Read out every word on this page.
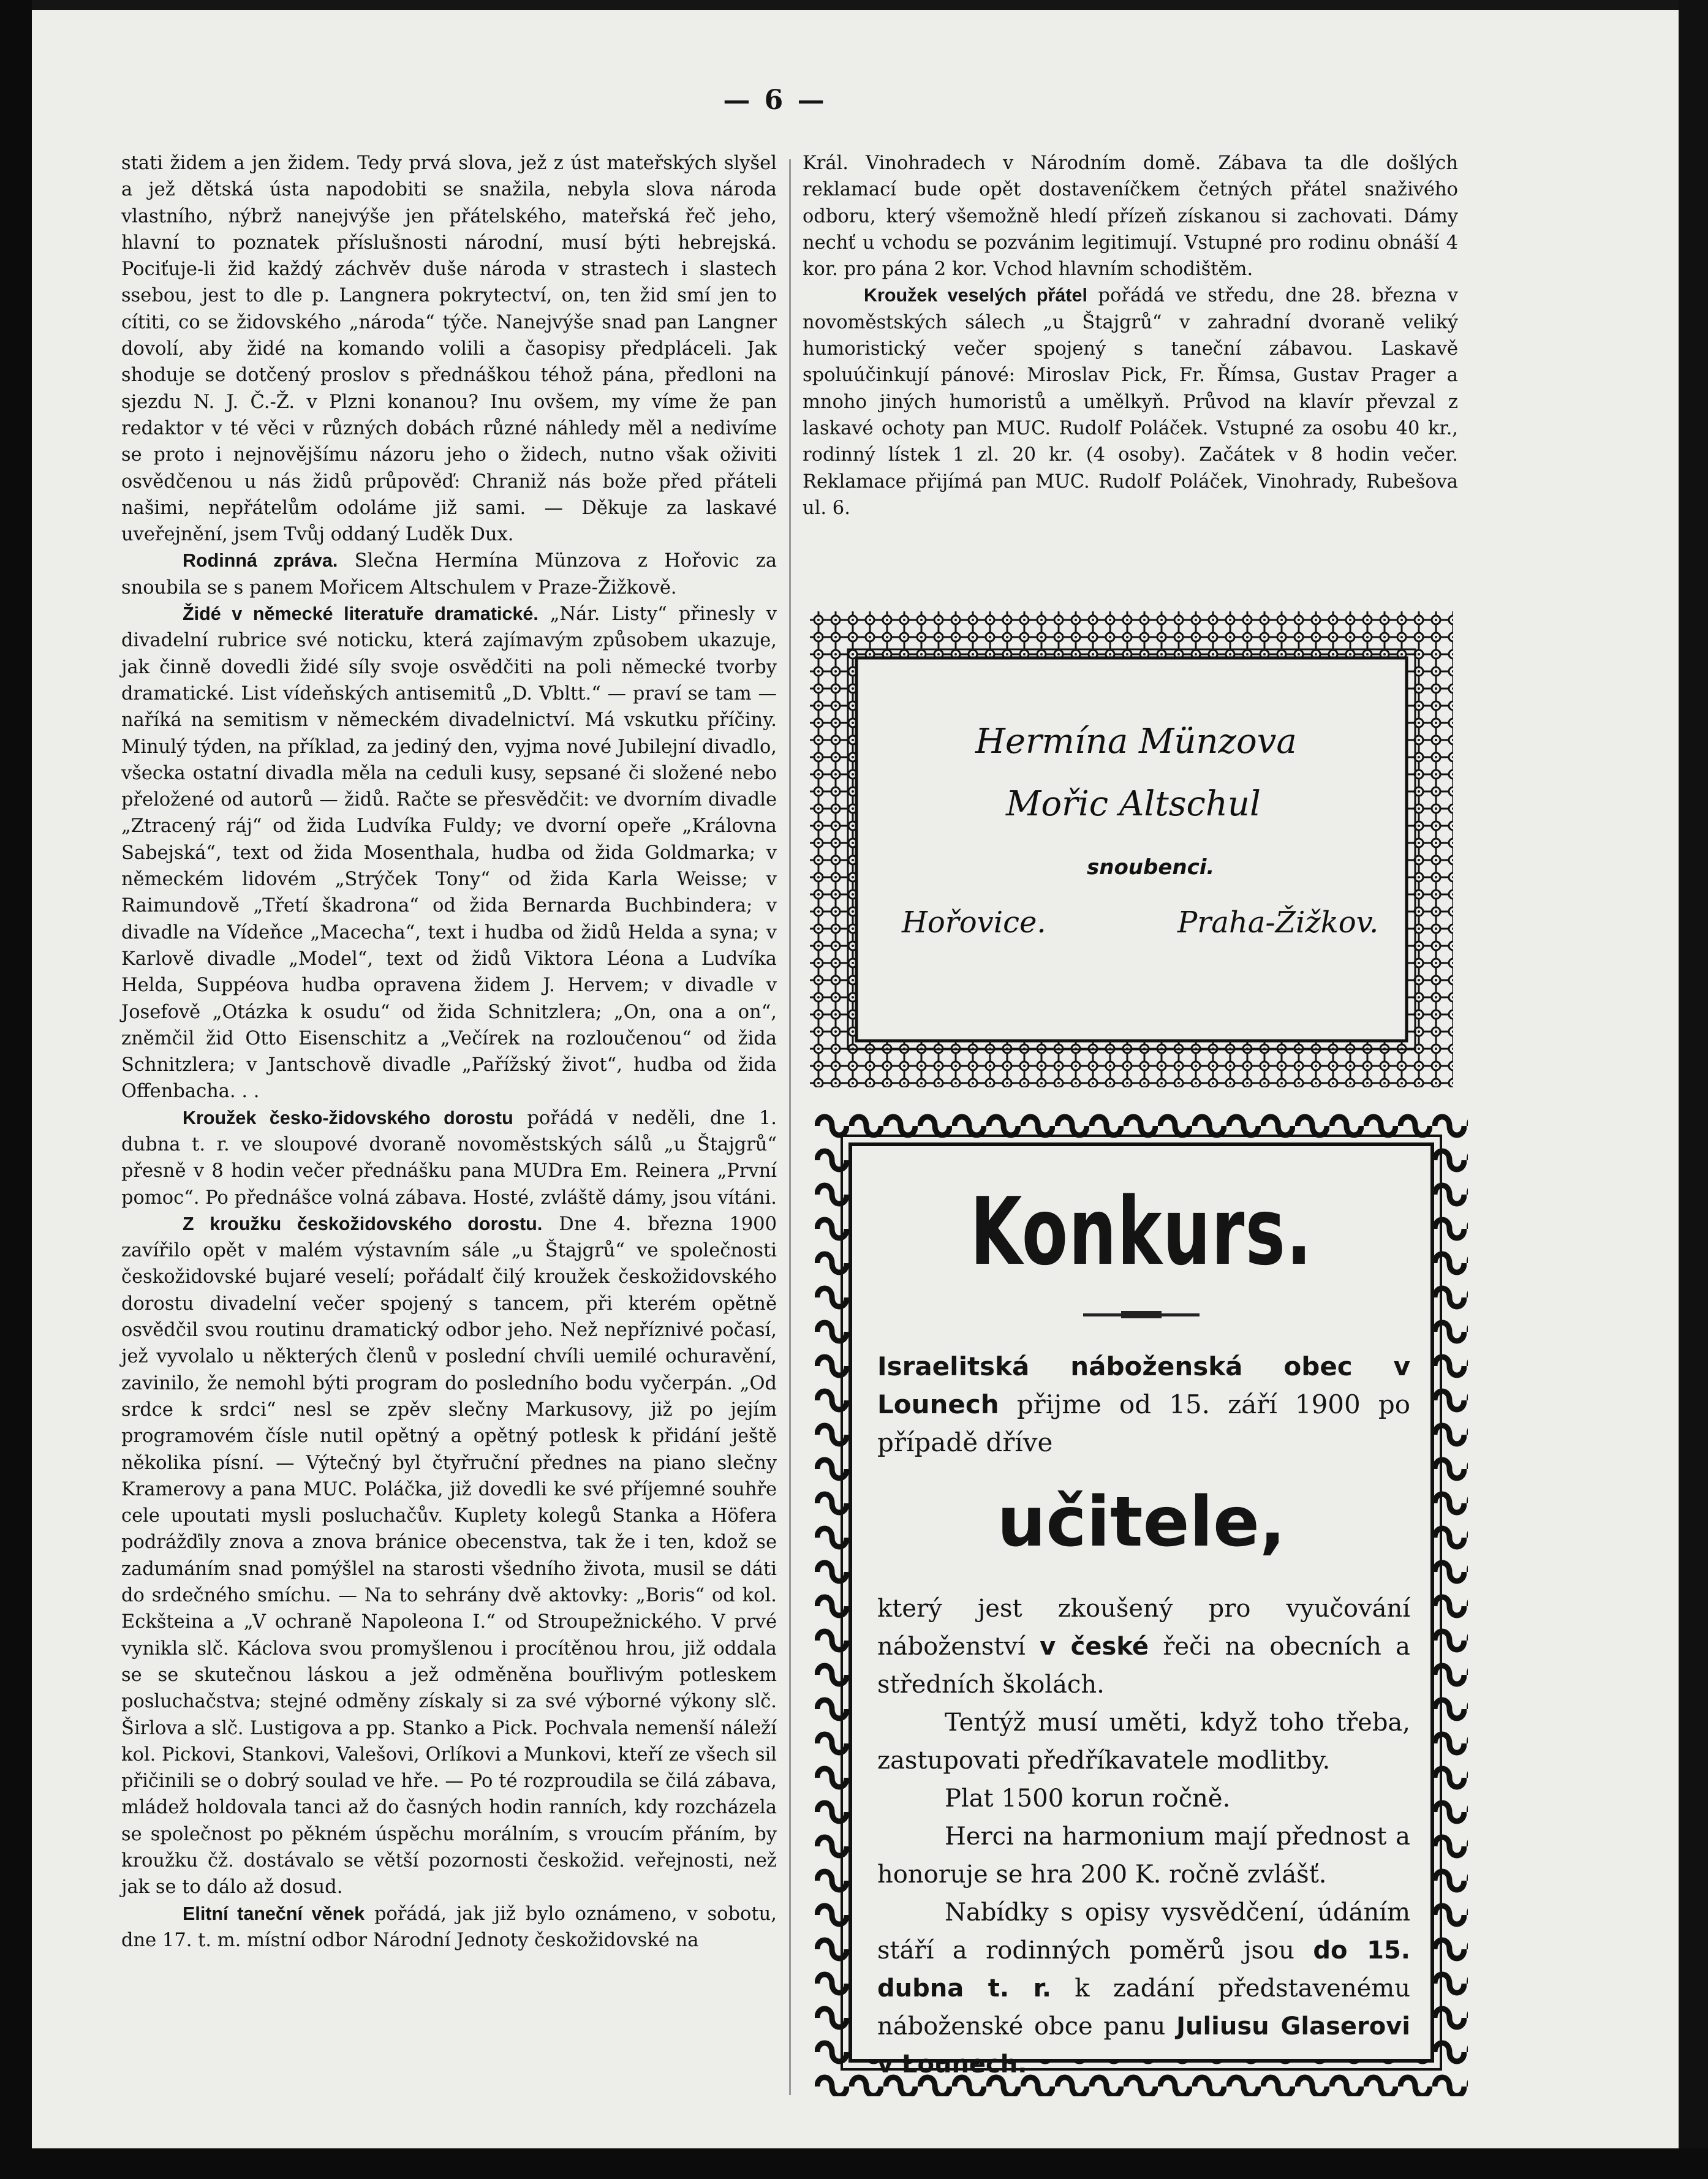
— 6 —

stati židem a jen židem. Tedy prvá slova, jež z úst mateřských slyšel a jež dětská ústa napodobiti se snažila, nebyla slova národa vlastního, nýbrž nanejvýše jen přátelského, mateřská řeč jeho, hlavní to poznatek příslušnosti národní, musí býti hebrejská. Pociťuje-li žid každý záchvěv duše národa v strastech i slastech ssebou, jest to dle p. Langnera pokrytectví, on, ten žid smí jen to cítiti, co se židovského „národa“ týče. Nanejvýše snad pan Langner dovolí, aby židé na komando volili a časopisy předpláceli. Jak shoduje se dotčený proslov s přednáškou téhož pána, předloni na sjezdu N. J. Č.-Ž. v Plzni konanou? Inu ovšem, my víme že pan redaktor v té věci v různých dobách různé náhledy měl a nedivíme se proto i nejnovějšímu názoru jeho o židech, nutno však oživiti osvědčenou u nás židů průpověď: Chraniž nás bože před přáteli našimi, nepřátelům odoláme již sami. — Děkuje za laskavé uveřejnění, jsem Tvůj oddaný Luděk Dux.

Rodinná zpráva. Slečna Hermína Münzova z Hořovic za snoubila se s panem Mořicem Altschulem v Praze-Žižkově.

Židé v německé literatuře dramatické. „Nár. Listy“ přinesly v divadelní rubrice své noticku, která zajímavým způsobem ukazuje, jak činně dovedli židé síly svoje osvědčiti na poli německé tvorby dramatické. List vídeňských antisemitů „D. Vbltt.“ — praví se tam — naříká na semitism v německém divadelnictví. Má vskutku příčiny. Minulý týden, na příklad, za jediný den, vyjma nové Jubilejní divadlo, všecka ostatní divadla měla na ceduli kusy, sepsané či složené nebo přeložené od autorů — židů. Račte se přesvědčit: ve dvorním divadle „Ztracený ráj“ od žida Ludvíka Fuldy; ve dvorní opeře „Královna Sabejská“, text od žida Mosenthala, hudba od žida Goldmarka; v německém lidovém „Strýček Tony“ od žida Karla Weisse; v Raimundově „Třetí škadrona“ od žida Bernarda Buchbindera; v divadle na Vídeňce „Macecha“, text i hudba od židů Helda a syna; v Karlově divadle „Model“, text od židů Viktora Léona a Ludvíka Helda, Suppéova hudba opravena židem J. Hervem; v divadle v Josefově „Otázka k osudu“ od žida Schnitzlera; „On, ona a on“, zněmčil žid Otto Eisenschitz a „Večírek na rozloučenou“ od žida Schnitzlera; v Jantschově divadle „Pařížský život“, hudba od žida Offenbacha. . .

Kroužek česko-židovského dorostu pořádá v neděli, dne 1. dubna t. r. ve sloupové dvoraně novoměstských sálů „u Štajgrů“ přesně v 8 hodin večer přednášku pana MUDra Em. Reinera „První pomoc“. Po přednášce volná zábava. Hosté, zvláště dámy, jsou vítáni.

Z kroužku českožidovského dorostu. Dne 4. března 1900 zavířilo opět v malém výstavním sále „u Štajgrů“ ve společnosti českožidovské bujaré veselí; pořádalť čilý kroužek českožidovského dorostu divadelní večer spojený s tancem, při kterém opětně osvědčil svou routinu dramatický odbor jeho. Než nepříznivé počasí, jež vyvolalo u některých členů v poslední chvíli uemilé ochuravění, zavinilo, že nemohl býti program do posledního bodu vyčerpán. „Od srdce k srdci“ nesl se zpěv slečny Markusovy, již po jejím programovém čísle nutil opětný a opětný potlesk k přidání ještě několika písní. — Výtečný byl čtyřruční přednes na piano slečny Kramerovy a pana MUC. Poláčka, již dovedli ke své příjemné souhře cele upoutati mysli posluchačův. Kuplety kolegů Stanka a Höfera podrážďily znova a znova bránice obecenstva, tak že i ten, kdož se zadumáním snad pomýšlel na starosti všedního života, musil se dáti do srdečného smíchu. — Na to sehrány dvě aktovky: „Boris“ od kol. Eckšteina a „V ochraně Napoleona I.“ od Stroupežnického. V prvé vynikla slč. Káclova svou promyšlenou i procítěnou hrou, již oddala se se skutečnou láskou a jež odměněna bouřlivým potleskem posluchačstva; stejné odměny získaly si za své výborné výkony slč. Širlova a slč. Lustigova a pp. Stanko a Pick. Pochvala nemenší náleží kol. Pickovi, Stankovi, Valešovi, Orlíkovi a Munkovi, kteří ze všech sil přičinili se o dobrý soulad ve hře. — Po té rozproudila se čilá zábava, mládež holdovala tanci až do časných hodin ranních, kdy rozcházela se společnost po pěkném úspěchu morálním, s vroucím přáním, by kroužku čž. dostávalo se větší pozornosti českožid. veřejnosti, než jak se to dálo až dosud.

Elitní taneční věnek pořádá, jak již bylo oznámeno, v sobotu, dne 17. t. m. místní odbor Národní Jednoty českožidovské na

Král. Vinohradech v Národním domě. Zábava ta dle došlých reklamací bude opět dostaveníčkem četných přátel snaživého odboru, který všemožně hledí přízeň získanou si zachovati. Dámy nechť u vchodu se pozvánim legitimují. Vstupné pro rodinu obnáší 4 kor. pro pána 2 kor. Vchod hlavním schodištěm.

Kroužek veselých přátel pořádá ve středu, dne 28. března v novoměstských sálech „u Štajgrů“ v zahradní dvoraně veliký humoristický večer spojený s taneční zábavou. Laskavě spoluúčinkují pánové: Miroslav Pick, Fr. Římsa, Gustav Prager a mnoho jiných humoristů a umělkyň. Průvod na klavír převzal z laskavé ochoty pan MUC. Rudolf Poláček. Vstupné za osobu 40 kr., rodinný lístek 1 zl. 20 kr. (4 osoby). Začátek v 8 hodin večer. Reklamace přijímá pan MUC. Rudolf Poláček, Vinohrady, Rubešova ul. 6.

Hermína Münzova
Mořic Altschul
snoubenci.
Hořovice.	Praha-Žižkov.
Konkurs.
Israelitská náboženská obec v Lounech přijme od 15. září 1900 po případě dříve
učitele,

který jest zkoušený pro vyučování náboženství v české řeči na obecních a středních školách.

Tentýž musí uměti, když toho třeba, zastupovati předříkavatele modlitby.

Plat 1500 korun ročně.

Herci na harmonium mají přednost a honoruje se hra 200 K. ročně zvlášť.

Nabídky s opisy vysvědčení, údáním stáří a rodinných poměrů jsou do 15. dubna t. r. k zadání představenému náboženské obce panu Juliusu Glaserovi v Lounech.
